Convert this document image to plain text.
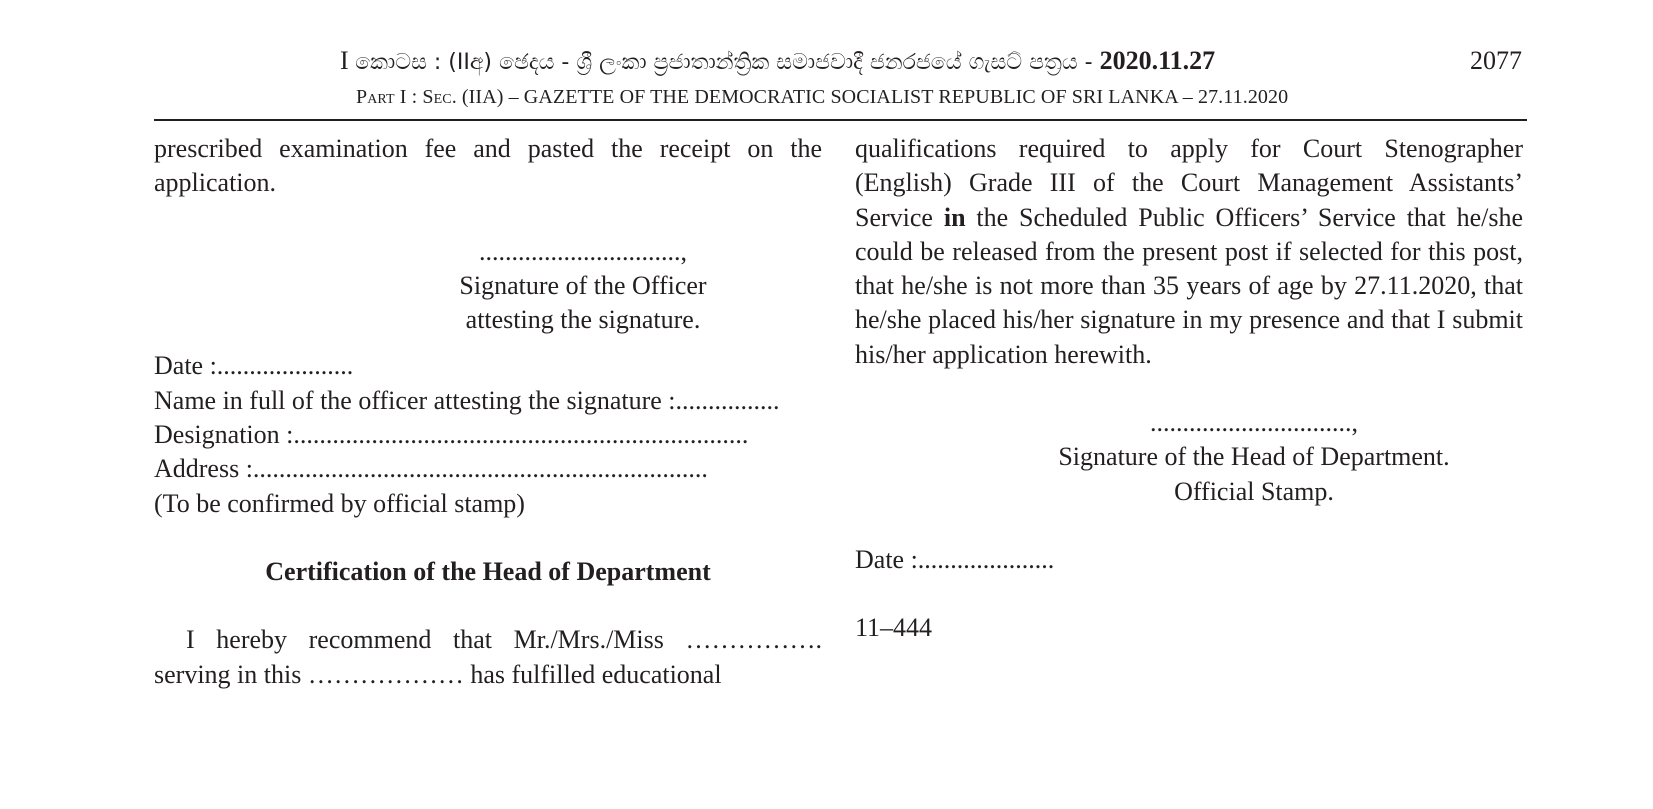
I කොටස : (IIඅ) ඡෙදය - ශ්‍රී ලංකා ප්‍රජාතාන්ත්‍රික සමාජවාදී ජනරජයේ ගැසට් පත්‍රය - 2020.11.27	2077
Part I : Sec. (IIA) – GAZETTE OF THE DEMOCRATIC SOCIALIST REPUBLIC OF SRI LANKA – 27.11.2020

prescribed examination fee and pasted the receipt on the application.

...............................,

Signature of the Officer

attesting the signature.

Date :.....................

Name in full of the officer attesting the signature :................

Designation :......................................................................

Address :......................................................................

(To be confirmed by official stamp)

Certification of the Head of Department

I hereby recommend that Mr./Mrs./Miss ……………. serving in this ……………… has fulfilled educational

qualifications required to apply for Court Stenographer (English) Grade III of the Court Management Assistants’ Service in the Scheduled Public Officers’ Service that he/she could be released from the present post if selected for this post, that he/she is not more than 35 years of age by 27.11.2020, that he/she placed his/her signature in my presence and that I submit his/her application herewith.

...............................,

Signature of the Head of Department.

Official Stamp.

Date :.....................

11–444
